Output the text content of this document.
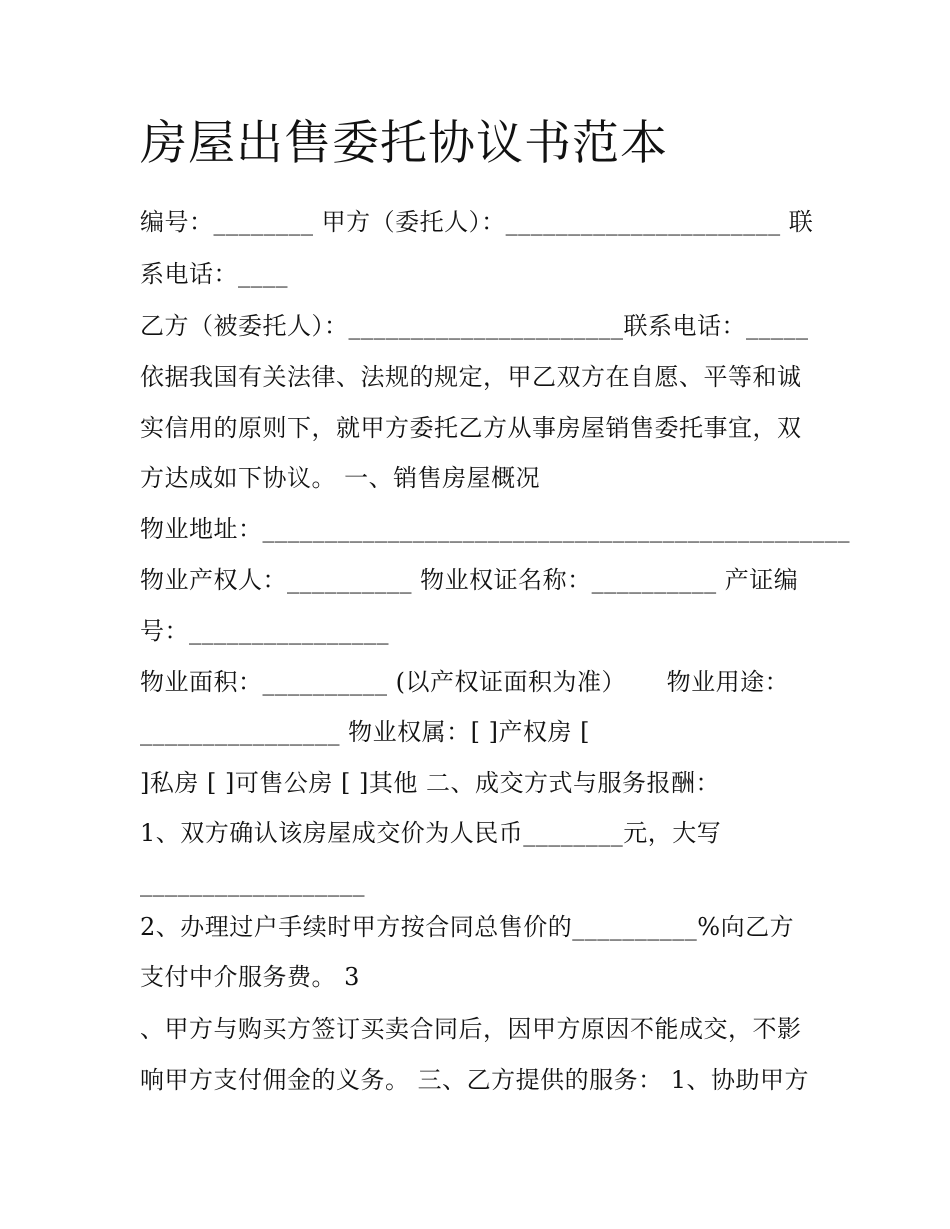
房屋出售委托协议书范本
编号：________ 甲方（委托人）：______________________ 联
系电话：____
乙方（被委托人）：______________________联系电话：_____
依据我国有关法律、法规的规定，甲乙双方在自愿、平等和诚
实信用的原则下，就甲方委托乙方从事房屋销售委托事宜，双
方达成如下协议。 一、销售房屋概况
物业地址：_______________________________________________
物业产权人：__________ 物业权证名称：__________ 产证编
号：________________
物业面积：__________ (以产权证面积为准）     物业用途：
________________ 物业权属：[ ]产权房 [
]私房 [ ]可售公房 [ ]其他 二、成交方式与服务报酬：
1、双方确认该房屋成交价为人民币________元，大写
__________________
2、办理过户手续时甲方按合同总售价的__________%向乙方
支付中介服务费。 3
、甲方与购买方签订买卖合同后，因甲方原因不能成交，不影
响甲方支付佣金的义务。 三、乙方提供的服务： 1、协助甲方
